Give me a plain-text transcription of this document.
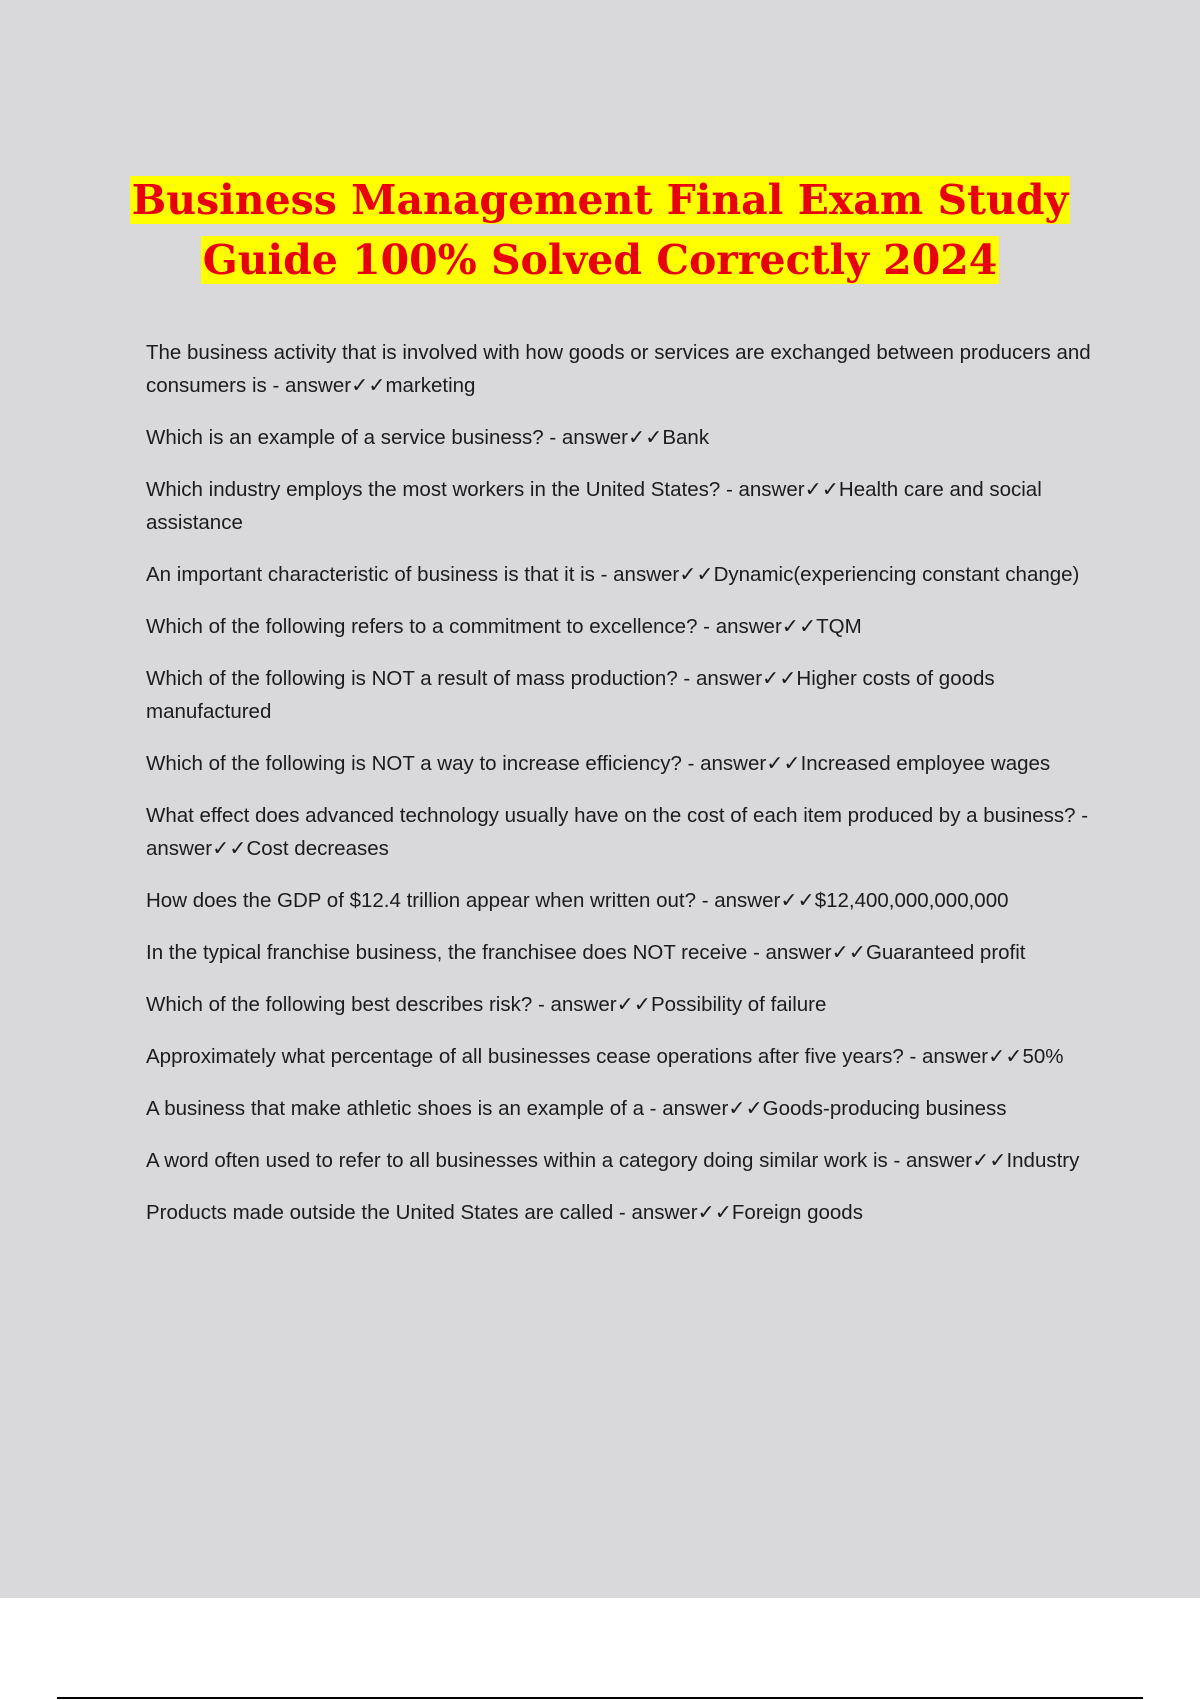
Business Management Final Exam Study
Guide 100% Solved Correctly 2024

The business activity that is involved with how goods or services are exchanged between producers and consumers is - answer✓✓marketing

Which is an example of a service business? - answer✓✓Bank

Which industry employs the most workers in the United States? - answer✓✓Health care and social assistance

An important characteristic of business is that it is - answer✓✓Dynamic(experiencing constant change)

Which of the following refers to a commitment to excellence? - answer✓✓TQM

Which of the following is NOT a result of mass production? - answer✓✓Higher costs of goods manufactured

Which of the following is NOT a way to increase efficiency? - answer✓✓Increased employee wages

What effect does advanced technology usually have on the cost of each item produced by a business? - answer✓✓Cost decreases

How does the GDP of $12.4 trillion appear when written out? - answer✓✓$12,400,000,000,000

In the typical franchise business, the franchisee does NOT receive - answer✓✓Guaranteed profit

Which of the following best describes risk? - answer✓✓Possibility of failure

Approximately what percentage of all businesses cease operations after five years? - answer✓✓50%

A business that make athletic shoes is an example of a - answer✓✓Goods-producing business

A word often used to refer to all businesses within a category doing similar work is - answer✓✓Industry

Products made outside the United States are called - answer✓✓Foreign goods
